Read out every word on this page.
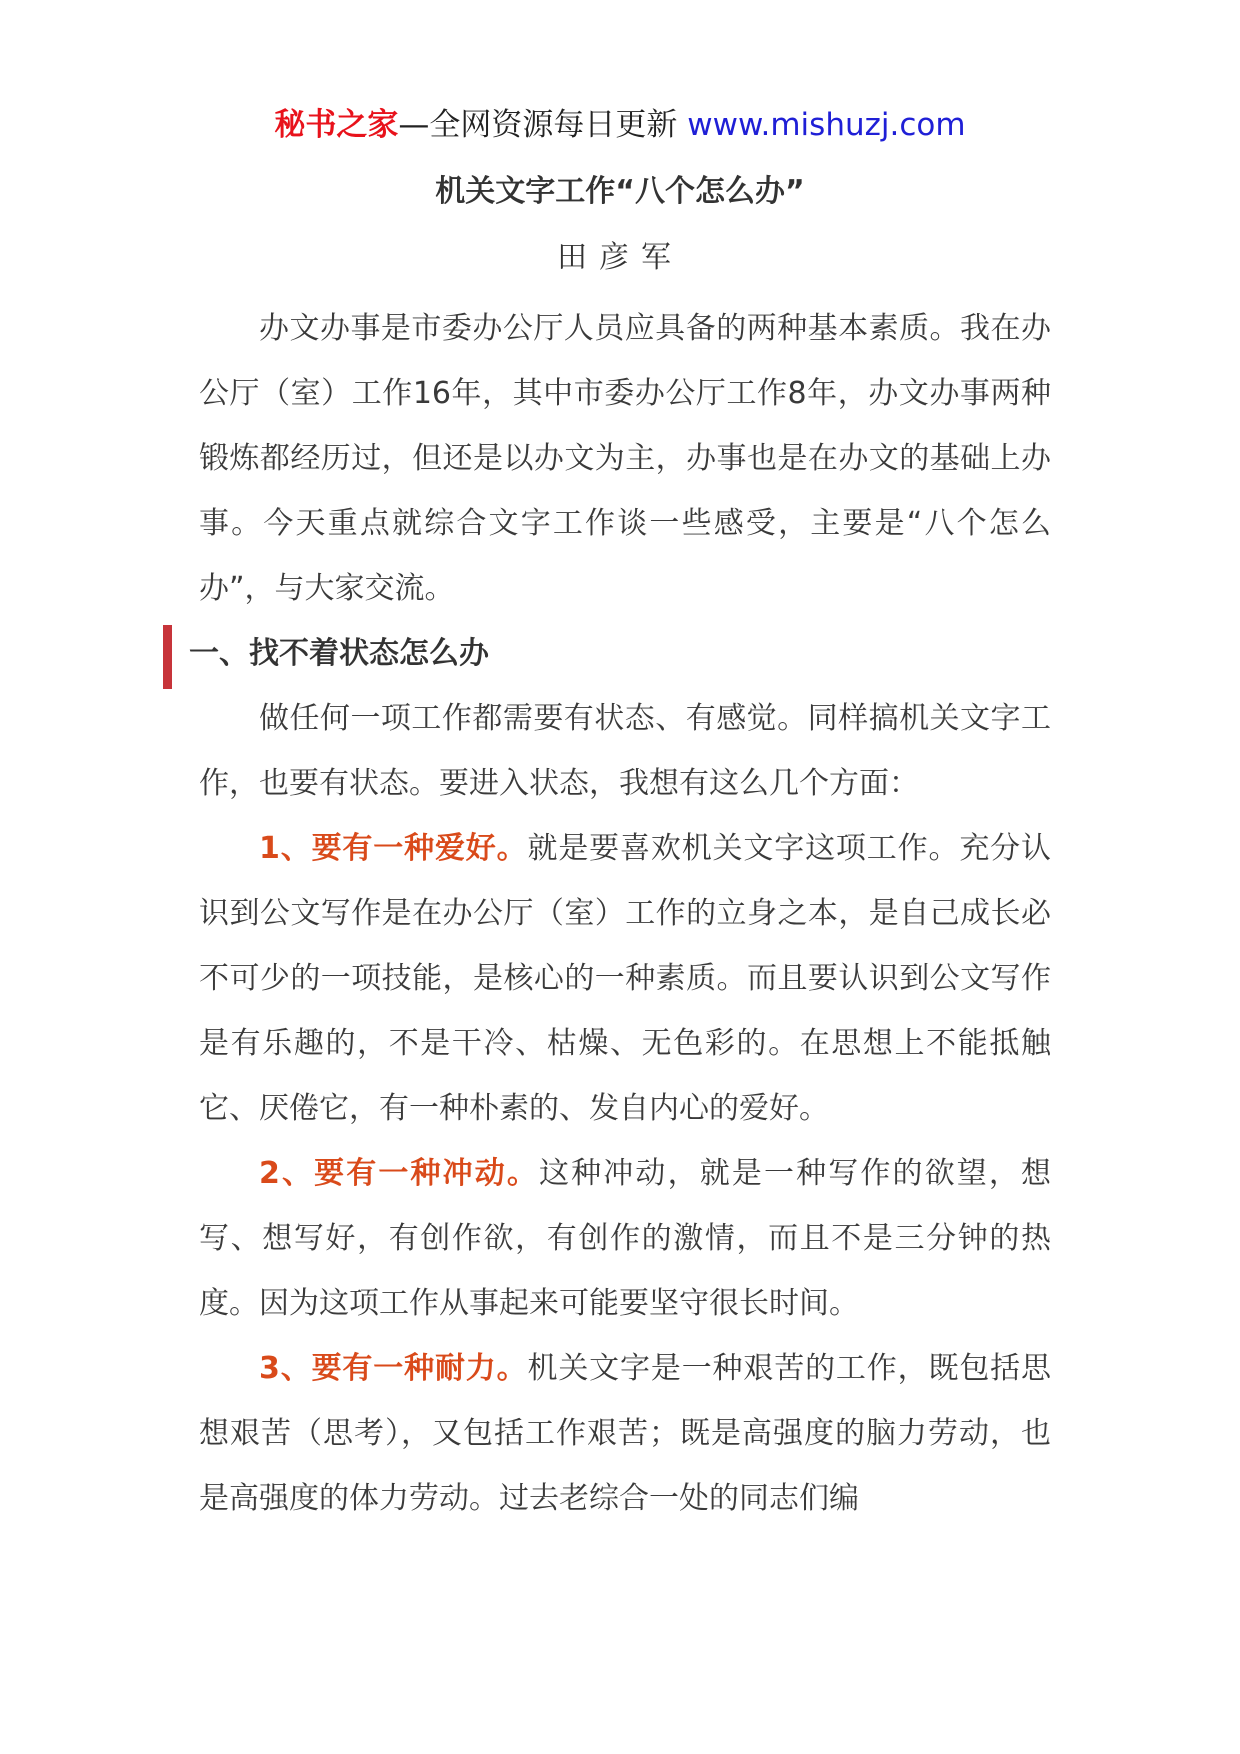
秘书之家—全网资源每日更新 www.mishuzj.com
机关文字工作“八个怎么办”
田彦军

办文办事是市委办公厅人员应具备的两种基本素质。我在办公厅（室）工作16年，其中市委办公厅工作8年，办文办事两种锻炼都经历过，但还是以办文为主，办事也是在办文的基础上办事。今天重点就综合文字工作谈一些感受，主要是“八个怎么办”，与大家交流。

一、找不着状态怎么办

做任何一项工作都需要有状态、有感觉。同样搞机关文字工作，也要有状态。要进入状态，我想有这么几个方面：

1、要有一种爱好。就是要喜欢机关文字这项工作。充分认识到公文写作是在办公厅（室）工作的立身之本，是自己成长必不可少的一项技能，是核心的一种素质。而且要认识到公文写作是有乐趣的，不是干冷、枯燥、无色彩的。在思想上不能抵触它、厌倦它，有一种朴素的、发自内心的爱好。

2、要有一种冲动。这种冲动，就是一种写作的欲望，想写、想写好，有创作欲，有创作的激情，而且不是三分钟的热度。因为这项工作从事起来可能要坚守很长时间。

3、要有一种耐力。机关文字是一种艰苦的工作，既包括思想艰苦（思考），又包括工作艰苦；既是高强度的脑力劳动，也是高强度的体力劳动。过去老综合一处的同志们编
